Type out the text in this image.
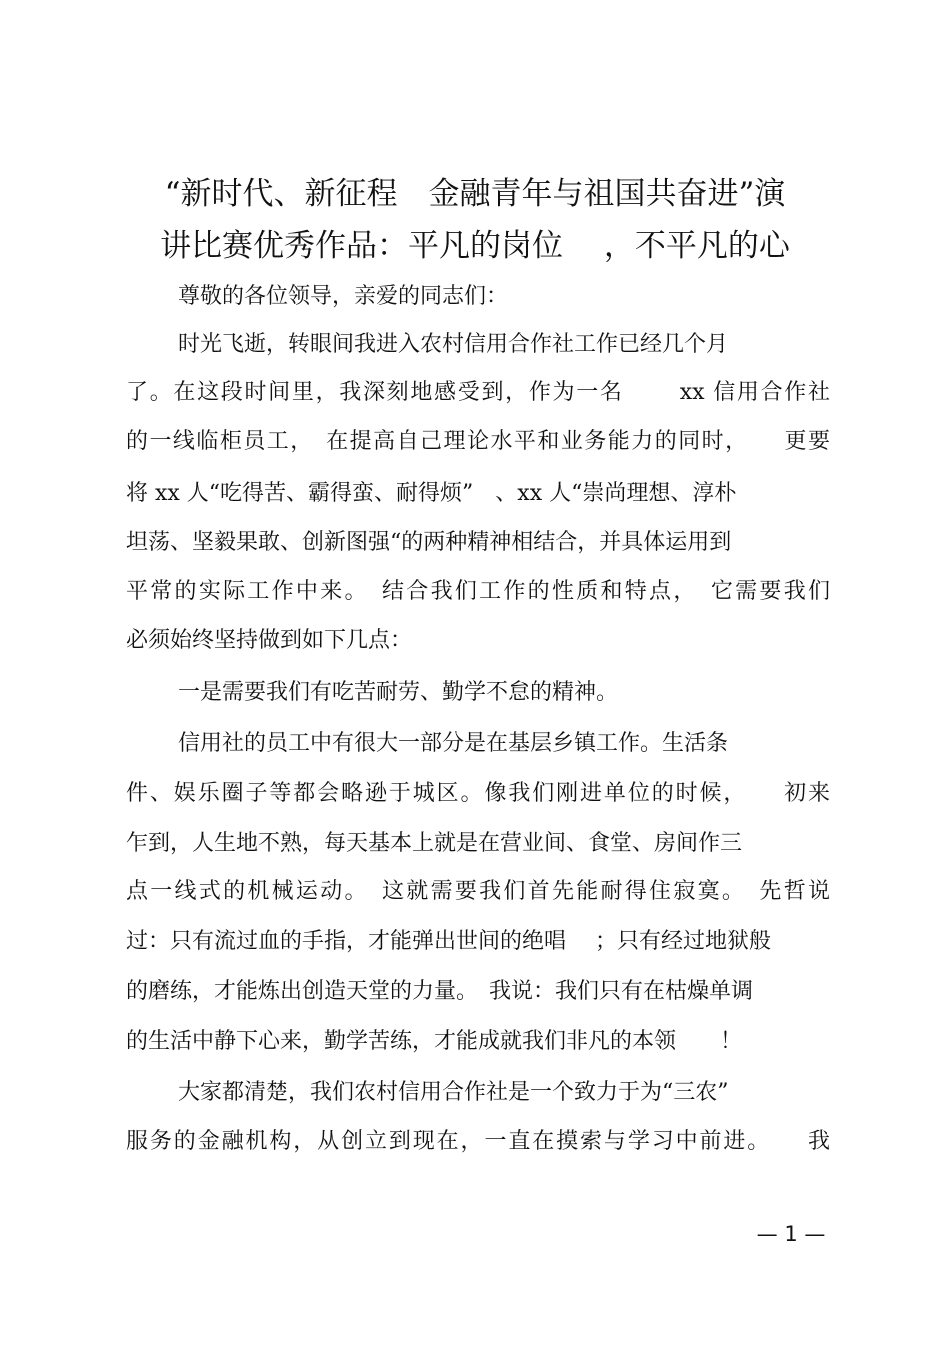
“新时代、新征程　金融青年与祖国共奋进”演
讲比赛优秀作品：平凡的岗位　 ，不平凡的心
尊敬的各位领导，亲爱的同志们：
时光飞逝，转眼间我进入农村信用合作社工作已经几个月
了。在这段时间里，我深刻地感受到，作为一名　　 xx 信用合作社
的一线临柜员工，　在提高自己理论水平和业务能力的同时，　　更要
将 xx 人“吃得苦、霸得蛮、耐得烦”　、xx 人“崇尚理想、淳朴
坦荡、坚毅果敢、创新图强“的两种精神相结合，并具体运用到
平常的实际工作中来。　结合我们工作的性质和特点，　它需要我们
必须始终坚持做到如下几点：
一是需要我们有吃苦耐劳、勤学不怠的精神。
信用社的员工中有很大一部分是在基层乡镇工作。生活条
件、娱乐圈子等都会略逊于城区。像我们刚进单位的时候，　　初来
乍到，人生地不熟，每天基本上就是在营业间、食堂、房间作三
点一线式的机械运动。　这就需要我们首先能耐得住寂寞。　先哲说
过：只有流过血的手指，才能弹出世间的绝唱　 ；只有经过地狱般
的磨练，才能炼出创造天堂的力量。　我说：我们只有在枯燥单调
的生活中静下心来，勤学苦练，才能成就我们非凡的本领　　！
大家都清楚，我们农村信用合作社是一个致力于为“三农”
服务的金融机构，从创立到现在，一直在摸索与学习中前进。　　我
— 1 —
